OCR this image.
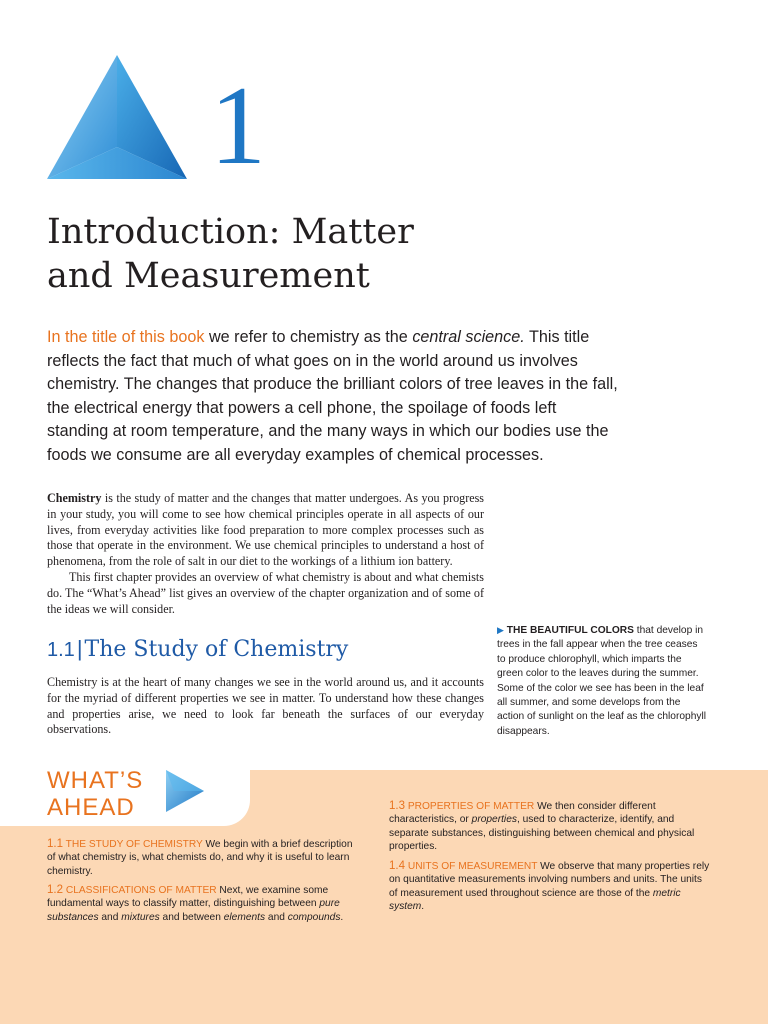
1
Introduction: Matter
and Measurement

In the title of this book we refer to chemistry as the central science. This title reflects the fact that much of what goes on in the world around us involves chemistry. The changes that produce the brilliant colors of tree leaves in the fall, the electrical energy that powers a cell phone, the spoilage of foods left standing at room temperature, and the many ways in which our bodies use the foods we consume are all everyday examples of chemical processes.

Chemistry is the study of matter and the changes that matter undergoes. As you progress in your study, you will come to see how chemical principles operate in all aspects of our lives, from everyday activities like food preparation to more complex processes such as those that operate in the environment. We use chemical principles to understand a host of phenomena, from the role of salt in our diet to the workings of a lithium ion battery.

This first chapter provides an overview of what chemistry is about and what chemists do. The “What’s Ahead” list gives an overview of the chapter organization and of some of the ideas we will consider.

1.1|The Study of Chemistry

Chemistry is at the heart of many changes we see in the world around us, and it accounts for the myriad of different properties we see in matter. To understand how these changes and properties arise, we need to look far beneath the surfaces of our everyday observations.

▶ THE BEAUTIFUL COLORS that develop in trees in the fall appear when the tree ceases to produce chlorophyll, which imparts the green color to the leaves during the summer. Some of the color we see has been in the leaf all summer, and some develops from the action of sunlight on the leaf as the chlorophyll disappears.

WHAT’S
AHEAD

1.1 THE STUDY OF CHEMISTRY We begin with a brief description of what chemistry is, what chemists do, and why it is useful to learn chemistry.

1.2 CLASSIFICATIONS OF MATTER Next, we examine some fundamental ways to classify matter, distinguishing between pure substances and mixtures and between elements and compounds.

1.3 PROPERTIES OF MATTER We then consider different characteristics, or properties, used to characterize, identify, and separate substances, distinguishing between chemical and physical properties.

1.4 UNITS OF MEASUREMENT We observe that many properties rely on quantitative measurements involving numbers and units. The units of measurement used throughout science are those of the metric system.
